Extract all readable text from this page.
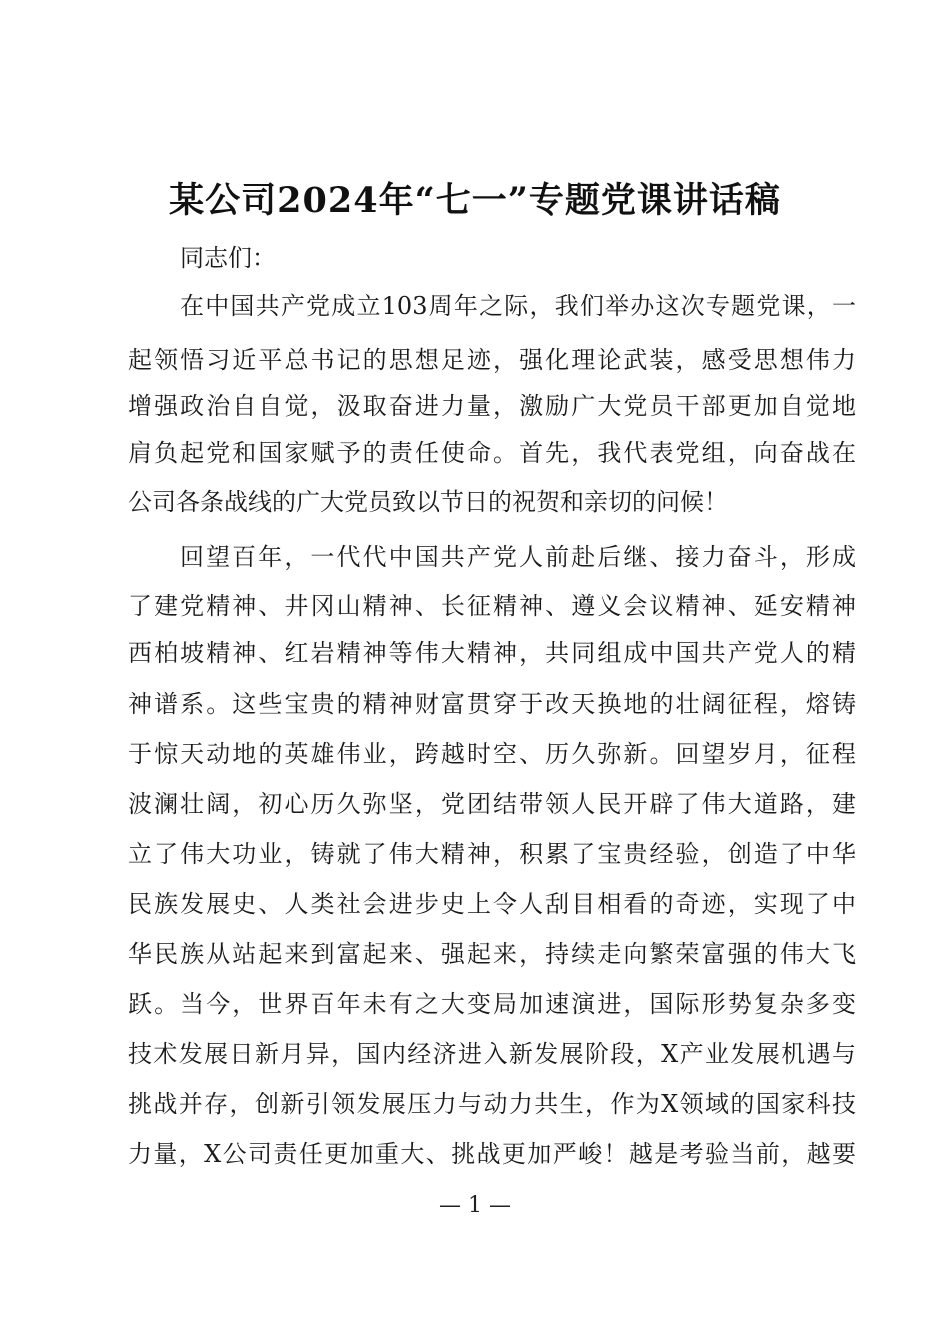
某公司2024年“七一”专题党课讲话稿
同志们：
在中国共产党成立103周年之际，我们举办这次专题党课，一
起领悟习近平总书记的思想足迹，强化理论武装，感受思想伟力
增强政治自自觉，汲取奋进力量，激励广大党员干部更加自觉地
肩负起党和国家赋予的责任使命。首先，我代表党组，向奋战在
公司各条战线的广大党员致以节日的祝贺和亲切的问候！
回望百年，一代代中国共产党人前赴后继、接力奋斗，形成
了建党精神、井冈山精神、长征精神、遵义会议精神、延安精神
西柏坡精神、红岩精神等伟大精神，共同组成中国共产党人的精
神谱系。这些宝贵的精神财富贯穿于改天换地的壮阔征程，熔铸
于惊天动地的英雄伟业，跨越时空、历久弥新。回望岁月，征程
波澜壮阔，初心历久弥坚，党团结带领人民开辟了伟大道路，建
立了伟大功业，铸就了伟大精神，积累了宝贵经验，创造了中华
民族发展史、人类社会进步史上令人刮目相看的奇迹，实现了中
华民族从站起来到富起来、强起来，持续走向繁荣富强的伟大飞
跃。当今，世界百年未有之大变局加速演进，国际形势复杂多变
技术发展日新月异，国内经济进入新发展阶段，X产业发展机遇与
挑战并存，创新引领发展压力与动力共生，作为X领域的国家科技
力量，X公司责任更加重大、挑战更加严峻！越是考验当前，越要
— 1 —
